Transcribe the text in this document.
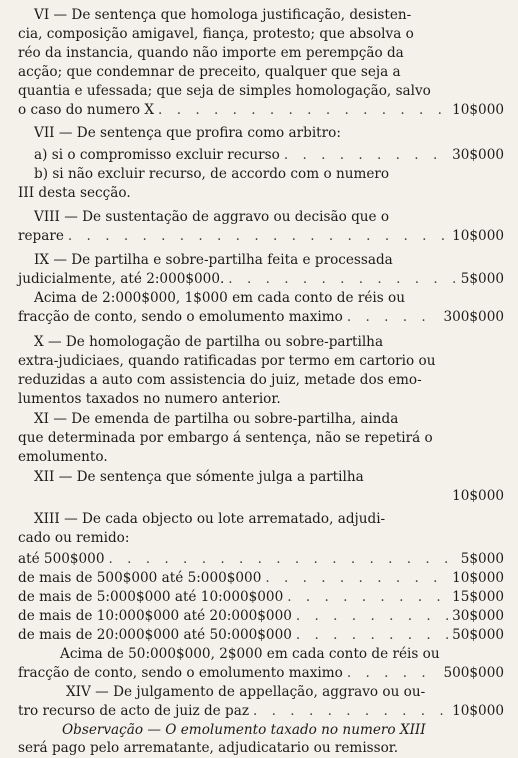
VI — De sentença que homologa justificação, desisten-
cia, composição amigavel, fiança, protesto; que absolva o
réo da instancia, quando não importe em perempção da
acção; que condemnar de preceito, qualquer que seja a
quantia e ufessada; que seja de simples homologação, salvo
o caso do numero X . . .	10$000
VII — De sentença que profira como arbitro:
a) si o compromisso excluir recurso . . .	30$000
b) si não excluir recurso, de accordo com o numero
III desta secção.
VIII — De sustentação de aggravo ou decisão que o
repare . . .	10$000
IX — De partilha e sobre-partilha feita e processada
judicialmente, até 2:000$000. . . .	5$000
Acima de 2:000$000, 1$000 em cada conto de réis ou
fracção de conto, sendo o emolumento maximo . . .	300$000
X — De homologação de partilha ou sobre-partilha
extra-judiciaes, quando ratificadas por termo em cartorio ou
reduzidas a auto com assistencia do juiz, metade dos emo-
lumentos taxados no numero anterior.
XI — De emenda de partilha ou sobre-partilha, ainda
que determinada por embargo á sentença, não se repetirá o
emolumento.
XII — De sentença que sómente julga a partilha
10$000
XIII — De cada objecto ou lote arrematado, adjudi-
cado ou remido:
até 500$000 . . .	5$000
de mais de 500$000 até 5:000$000 . . .	10$000
de mais de 5:000$000 até 10:000$000 . . .	15$000
de mais de 10:000$000 até 20:000$000 . . .	30$000
de mais de 20:000$000 até 50:000$000 . . .	50$000
Acima de 50:000$000, 2$000 em cada conto de réis ou
fracção de conto, sendo o emolumento maximo . . .	500$000
XIV — De julgamento de appellação, aggravo ou ou-
tro recurso de acto de juiz de paz . . .	10$000
Observação — O emolumento taxado no numero XIII
será pago pelo arrematante, adjudicatario ou remissor.
